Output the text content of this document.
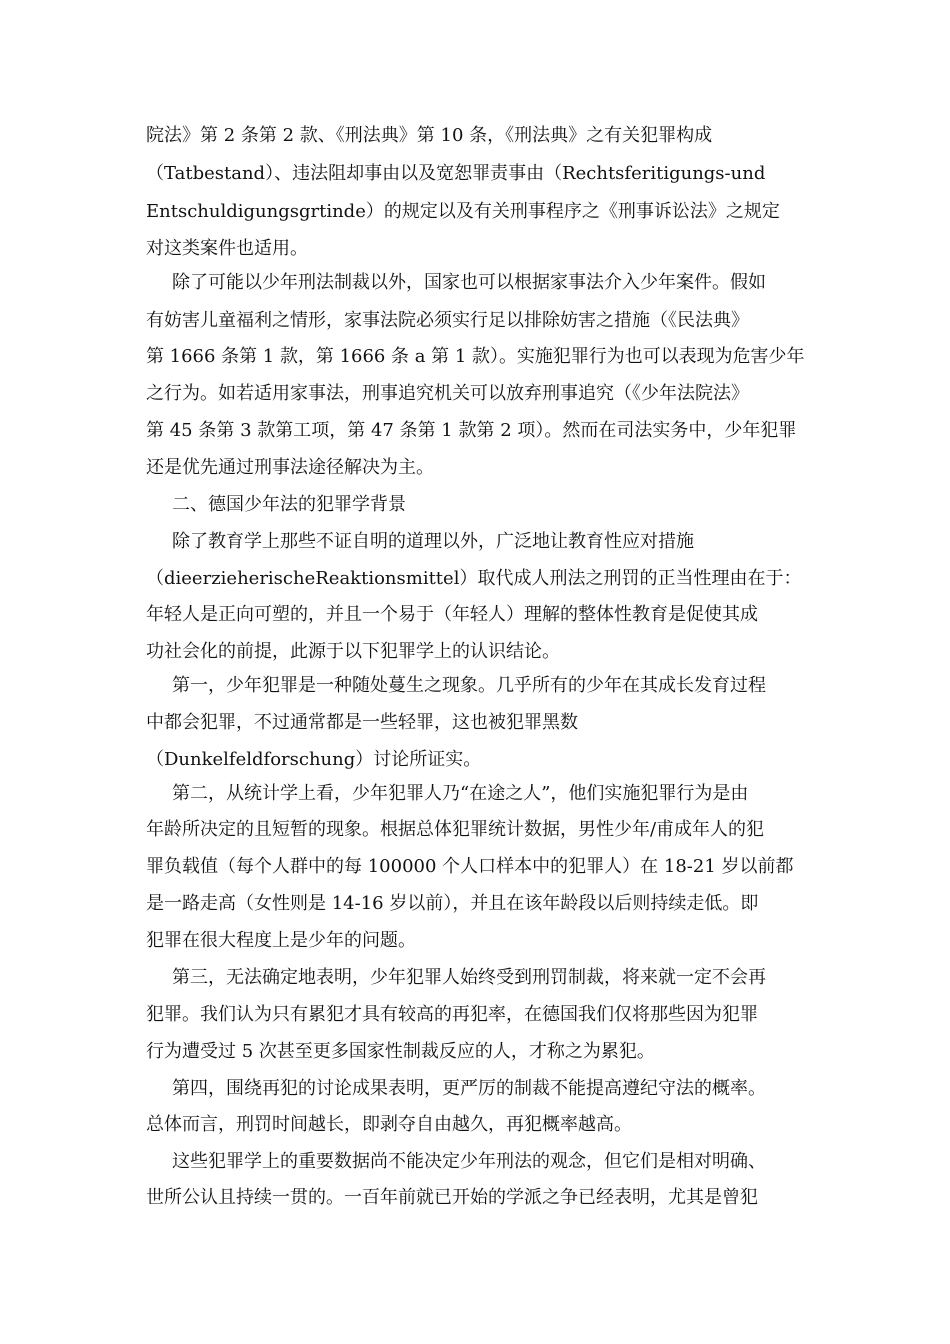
院法》第 2 条第 2 款、《刑法典》第 10 条，《刑法典》之有关犯罪构成
（Tatbestand）、违法阻却事由以及宽恕罪责事由（Rechtsferitigungs-und
Entschuldigungsgrtinde）的规定以及有关刑事程序之《刑事诉讼法》之规定
对这类案件也适用。
除了可能以少年刑法制裁以外，国家也可以根据家事法介入少年案件。假如
有妨害儿童福利之情形，家事法院必须实行足以排除妨害之措施（《民法典》
第 1666 条第 1 款，第 1666 条 a 第 1 款）。实施犯罪行为也可以表现为危害少年
之行为。如若适用家事法，刑事追究机关可以放弃刑事追究（《少年法院法》
第 45 条第 3 款第工项，第 47 条第 1 款第 2 项）。然而在司法实务中，少年犯罪
还是优先通过刑事法途径解决为主。
二、德国少年法的犯罪学背景
除了教育学上那些不证自明的道理以外，广泛地让教育性应对措施
（dieerzieherischeReaktionsmittel）取代成人刑法之刑罚的正当性理由在于：
年轻人是正向可塑的，并且一个易于（年轻人）理解的整体性教育是促使其成
功社会化的前提，此源于以下犯罪学上的认识结论。
第一，少年犯罪是一种随处蔓生之现象。几乎所有的少年在其成长发育过程
中都会犯罪，不过通常都是一些轻罪，这也被犯罪黑数
（Dunkelfeldforschung）讨论所证实。
第二，从统计学上看，少年犯罪人乃“在途之人”，他们实施犯罪行为是由
年龄所决定的且短暂的现象。根据总体犯罪统计数据，男性少年/甫成年人的犯
罪负载值（每个人群中的每 100000 个人口样本中的犯罪人）在 18-21 岁以前都
是一路走高（女性则是 14-16 岁以前），并且在该年龄段以后则持续走低。即
犯罪在很大程度上是少年的问题。
第三，无法确定地表明，少年犯罪人始终受到刑罚制裁，将来就一定不会再
犯罪。我们认为只有累犯才具有较高的再犯率，在德国我们仅将那些因为犯罪
行为遭受过 5 次甚至更多国家性制裁反应的人，才称之为累犯。
第四，围绕再犯的讨论成果表明，更严厉的制裁不能提高遵纪守法的概率。
总体而言，刑罚时间越长，即剥夺自由越久，再犯概率越高。
这些犯罪学上的重要数据尚不能决定少年刑法的观念，但它们是相对明确、
世所公认且持续一贯的。一百年前就已开始的学派之争已经表明，尤其是曾犯
